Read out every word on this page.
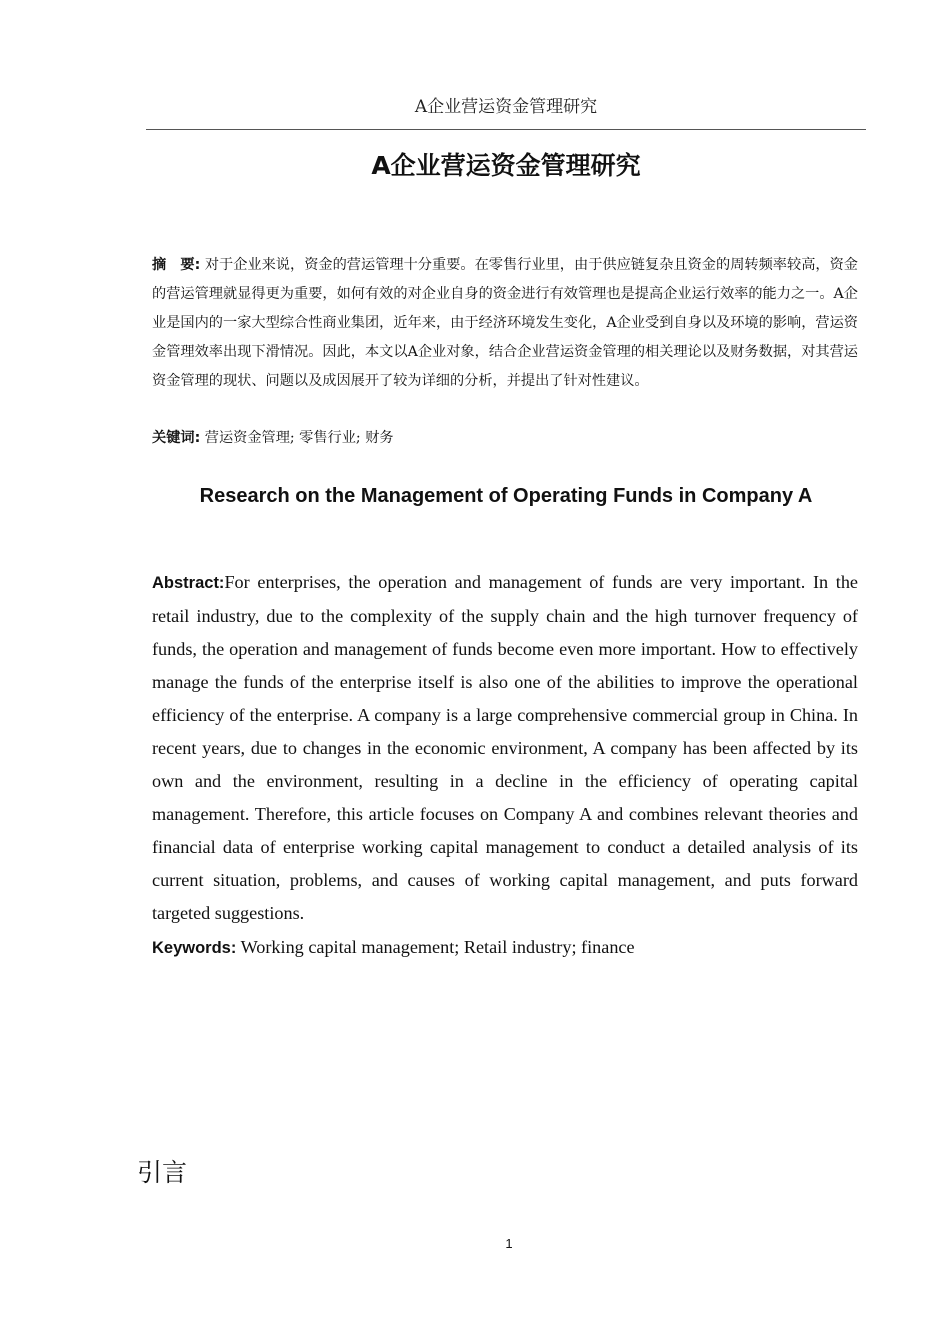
A企业营运资金管理研究
A企业营运资金管理研究
摘　要: 对于企业来说，资金的营运管理十分重要。在零售行业里，由于供应链复杂且资金的周转频率较高，资金的营运管理就显得更为重要，如何有效的对企业自身的资金进行有效管理也是提高企业运行效率的能力之一。A企业是国内的一家大型综合性商业集团，近年来，由于经济环境发生变化，A企业受到自身以及环境的影响，营运资金管理效率出现下滑情况。因此，本文以A企业对象，结合企业营运资金管理的相关理论以及财务数据，对其营运资金管理的现状、问题以及成因展开了较为详细的分析，并提出了针对性建议。
关键词: 营运资金管理; 零售行业; 财务
Research on the Management of Operating Funds in Company A
Abstract:For enterprises, the operation and management of funds are very important. In the retail industry, due to the complexity of the supply chain and the high turnover frequency of funds, the operation and management of funds become even more important. How to effectively manage the funds of the enterprise itself is also one of the abilities to improve the operational efficiency of the enterprise. A company is a large comprehensive commercial group in China. In recent years, due to changes in the economic environment, A company has been affected by its own and the environment, resulting in a decline in the efficiency of operating capital management. Therefore, this article focuses on Company A and combines relevant theories and financial data of enterprise working capital management to conduct a detailed analysis of its current situation, problems, and causes of working capital management, and puts forward targeted suggestions.
Keywords: Working capital management; Retail industry; finance
引言
1
